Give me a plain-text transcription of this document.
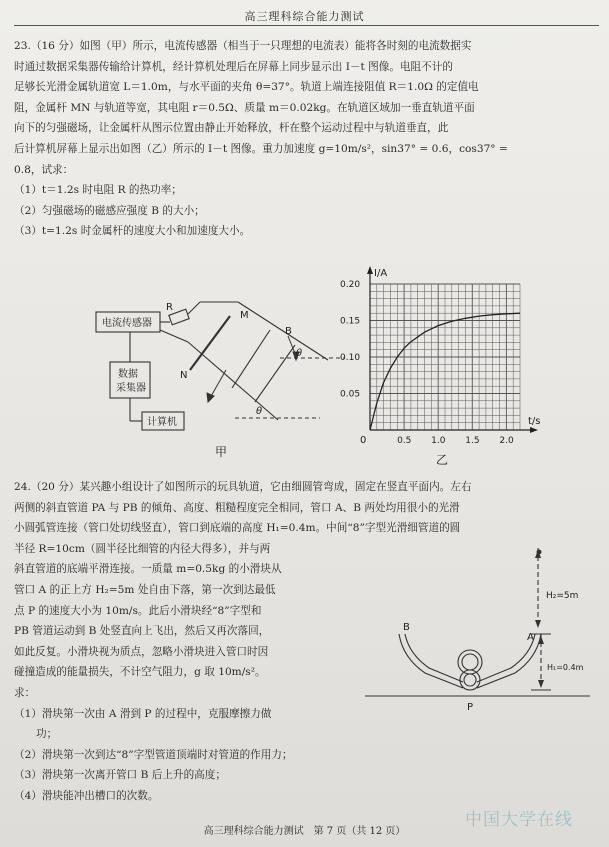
高三理科综合能力测试
23.（16 分）如图（甲）所示，电流传感器（相当于一只理想的电流表）能将各时刻的电流数据实
时通过数据采集器传输给计算机，经计算机处理后在屏幕上同步显示出 I－t 图像。电阻不计的
足够长光滑金属轨道宽 L＝1.0m，与水平面的夹角 θ=37°。轨道上端连接阻值 R＝1.0Ω 的定值电
阻，金属杆 MN 与轨道等宽，其电阻 r＝0.5Ω、质量 m＝0.02kg。在轨道区域加一垂直轨道平面
向下的匀强磁场，让金属杆从图示位置由静止开始释放，杆在整个运动过程中与轨道垂直，此
后计算机屏幕上显示出如图（乙）所示的 I－t 图像。重力加速度 g=10m/s²，sin37° = 0.6，cos37° =
0.8，试求：
（1）t＝1.2s 时电阻 R 的热功率；
（2）匀强磁场的磁感应强度 B 的大小；
（3）t=1.2s 时金属杆的速度大小和加速度大小。
电流传感器
数据
采集器
计算机
R
M
N
B
θ
θ
甲
0.5 1.0 1.5 2.0
0.05
0.10
0.15
0.20
I/A
t/s
0
乙
24.（20 分）某兴趣小组设计了如图所示的玩具轨道，它由细圆管弯成，固定在竖直平面内。左右
两侧的斜直管道 PA 与 PB 的倾角、高度、粗糙程度完全相同，管口 A、B 两处均用很小的光滑
小圆弧管连接（管口处切线竖直），管口到底端的高度 H₁=0.4m。中间“8”字型光滑细管道的圆
半径 R=10cm（圆半径比细管的内径大得多），并与两
斜直管道的底端平滑连接。一质量 m=0.5kg 的小滑块从
管口 A 的正上方 H₂=5m 处自由下落，第一次到达最低
点 P 的速度大小为 10m/s。此后小滑块经“8”字型和
PB 管道运动到 B 处竖直向上飞出，然后又再次落回，
如此反复。小滑块视为质点，忽略小滑块进入管口时因
碰撞造成的能量损失，不计空气阻力，g 取 10m/s²。
求：
（1）滑块第一次由 A 滑到 P 的过程中，克服摩擦力做
功；
（2）滑块第一次到达“8”字型管道顶端时对管道的作用力；
（3）滑块第一次离开管口 B 后上升的高度；
（4）滑块能冲出槽口的次数。
H₂=5m
H₁=0.4m
A
B
P
中国大学在线
高三理科综合能力测试　第 7 页（共 12 页）
